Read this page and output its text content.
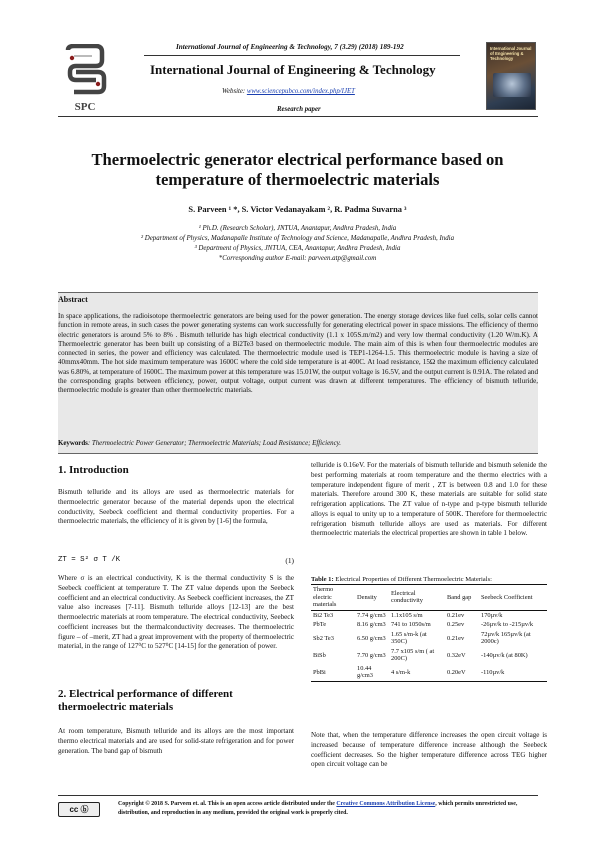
International Journal of Engineering & Technology, 7 (3.29) (2018) 189-192
International Journal of Engineering & Technology
Website: www.sciencepubco.com/index.php/IJET
Research paper
SPC
International Journal of Engineering & Technology
Thermoelectric generator electrical performance based on temperature of thermoelectric materials
S. Parveen ¹ *, S. Victor Vedanayakam ², R. Padma Suvarna ³
¹ Ph.D. (Research Scholar), JNTUA, Anantapur, Andhra Pradesh, India
² Department of Physics, Madanapalle Institute of Technology and Science, Madanapalle, Andhra Pradesh, India
³ Department of Physics, JNTUA, CEA, Anantapur, Andhra Pradesh, India
*Corresponding author E-mail: parveen.atp@gmail.com
Abstract
In space applications, the radioisotope thermoelectric generators are being used for the power generation. The energy storage devices like fuel cells, solar cells cannot function in remote areas, in such cases the power generating systems can work successfully for generating electrical power in space missions. The efficiency of thermo electric generators is around 5% to 8% . Bismuth telluride has high electrical conductivity (1.1 x 105S.m/m2) and very low thermal conductivity (1.20 W/m.K). A Thermoelectric generator has been built up consisting of a Bi2Te3 based on thermoelectric module. The main aim of this is when four thermoelectric modules are connected in series, the power and efficiency was calculated. The thermoelectric module used is TEP1-1264-1.5. This thermoelectric module is having a size of 40mmx40mm. The hot side maximum temperature was 1600C where the cold side temperature is at 400C. At load resistance, 15Ω the maximum efficiency calculated was 6.80%, at temperature of 1600C. The maximum power at this temperature was 15.01W, the output voltage is 16.5V, and the output current is 0.91A. The related and the corresponding graphs between efficiency, power, output voltage, output current was drawn at different temperatures. The efficiency of bismuth telluride, thermoelectric module is greater than other thermoelectric materials.
Keywords: Thermoelectric Power Generator; Thermoelectric Materials; Load Resistance; Efficiency.
1. Introduction
Bismuth telluride and its alloys are used as thermoelectric materials for thermoelectric generator because of the material depends upon the electrical conductivity, Seebeck coefficient and thermal conductivity properties. For a thermoelectric materials, the efficiency of it is given by [1-6] the formula,
ZT = S² σ T /K	(1)
Where σ is an electrical conductivity, K is the thermal conductivity S is the Seebeck coefficient at temperature T. The ZT value depends upon the Seebeck coefficient and an electrical conductivity. As Seebeck coefficient increases, the ZT value also increases [7-11]. Bismuth telluride alloys [12-13] are the best thermoelectric materials at room temperature. The electrical conductivity, Seebeck coefficient increases but the thermalconductivity decreases. The thermoelectric figure – of –merit, ZT had a great improvement with the property of thermoelectric material, in the range of 127⁰C to 527⁰C [14-15] for the generation of power.
2. Electrical performance of different thermoelectric materials
At room temperature, Bismuth telluride and its alloys are the most important thermo electrical materials and are used for solid-state refrigeration and for power generation. The band gap of bismuth
telluride is 0.16eV. For the materials of bismuth telluride and bismuth selenide the best performing materials at room temperature and the thermo electrics with a temperature independent figure of merit , ZT is between 0.8 and 1.0 for these materials. Therefore around 300 K, these materials are suitable for solid state refrigeration applications. The ZT value of n-type and p-type bismuth telluride alloys is equal to unity up to a temperature of 500K. Therefore for thermoelectric refrigeration bismuth telluride alloys are used as materials. For different thermoelectric materials the electrical properties are shown in table 1 below.
Table 1: Electrical Properties of Different Thermoelectric Materials:
Thermo electric materials	Density	Electrical conductivity	Band gap	Seebeck Coefficient
Bi2 Te3	7.74 g/cm3	1.1x105 s/m	0.21ev	170µv/k
PbTe	8.16 g/cm3	741 to 1050s/m	0.25ev	-26µv/k to -215µv/k
Sb2 Te3	6.50 g/cm3	1.65 s/m-k (at 350C)	0.21ev	72µv/k 165µv/k (at 2000c)
BiSb	7.70 g/cm3	7.7 x105 s/m ( at 200C)	0.32eV	-140µv/k (at 80K)
PbBi	10.44 g/cm3	4 s/m-k	0.20eV	-110µv/k
Note that, when the temperature difference increases the open circuit voltage is increased because of temperature difference increase although the Seebeck coefficient decreases. So the higher temperature difference across TEG higher open circuit voltage can be
cc ⓑ
Copyright © 2018 S. Parveen et. al. This is an open access article distributed under the Creative Commons Attribution License, which permits unrestricted use, distribution, and reproduction in any medium, provided the original work is properly cited.
